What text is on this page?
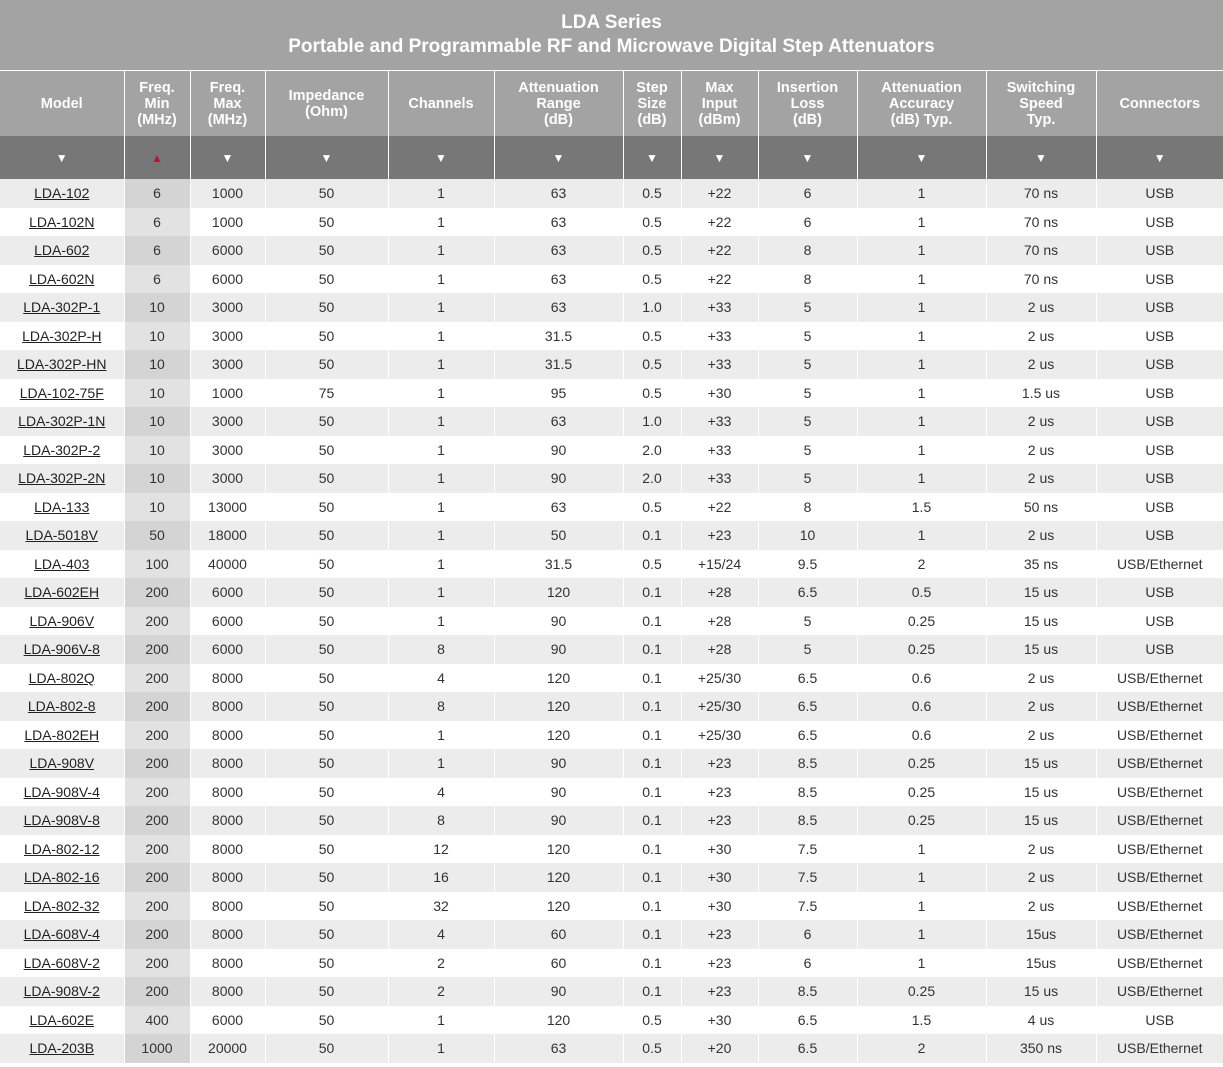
LDA Series
Portable and Programmable RF and Microwave Digital Step Attenuators
Model	Freq.
Min
(MHz)	Freq.
Max
(MHz)	Impedance
(Ohm)	Channels	Attenuation
Range
(dB)	Step
Size
(dB)	Max
Input
(dBm)	Insertion
Loss
(dB)	Attenuation
Accuracy
(dB) Typ.	Switching
Speed
Typ.	Connectors
▼	▲	▼	▼	▼	▼	▼	▼	▼	▼	▼	▼
LDA-102	6	1000	50	1	63	0.5	+22	6	1	70 ns	USB
LDA-102N	6	1000	50	1	63	0.5	+22	6	1	70 ns	USB
LDA-602	6	6000	50	1	63	0.5	+22	8	1	70 ns	USB
LDA-602N	6	6000	50	1	63	0.5	+22	8	1	70 ns	USB
LDA-302P-1	10	3000	50	1	63	1.0	+33	5	1	2 us	USB
LDA-302P-H	10	3000	50	1	31.5	0.5	+33	5	1	2 us	USB
LDA-302P-HN	10	3000	50	1	31.5	0.5	+33	5	1	2 us	USB
LDA-102-75F	10	1000	75	1	95	0.5	+30	5	1	1.5 us	USB
LDA-302P-1N	10	3000	50	1	63	1.0	+33	5	1	2 us	USB
LDA-302P-2	10	3000	50	1	90	2.0	+33	5	1	2 us	USB
LDA-302P-2N	10	3000	50	1	90	2.0	+33	5	1	2 us	USB
LDA-133	10	13000	50	1	63	0.5	+22	8	1.5	50 ns	USB
LDA-5018V	50	18000	50	1	50	0.1	+23	10	1	2 us	USB
LDA-403	100	40000	50	1	31.5	0.5	+15/24	9.5	2	35 ns	USB/Ethernet
LDA-602EH	200	6000	50	1	120	0.1	+28	6.5	0.5	15 us	USB
LDA-906V	200	6000	50	1	90	0.1	+28	5	0.25	15 us	USB
LDA-906V-8	200	6000	50	8	90	0.1	+28	5	0.25	15 us	USB
LDA-802Q	200	8000	50	4	120	0.1	+25/30	6.5	0.6	2 us	USB/Ethernet
LDA-802-8	200	8000	50	8	120	0.1	+25/30	6.5	0.6	2 us	USB/Ethernet
LDA-802EH	200	8000	50	1	120	0.1	+25/30	6.5	0.6	2 us	USB/Ethernet
LDA-908V	200	8000	50	1	90	0.1	+23	8.5	0.25	15 us	USB/Ethernet
LDA-908V-4	200	8000	50	4	90	0.1	+23	8.5	0.25	15 us	USB/Ethernet
LDA-908V-8	200	8000	50	8	90	0.1	+23	8.5	0.25	15 us	USB/Ethernet
LDA-802-12	200	8000	50	12	120	0.1	+30	7.5	1	2 us	USB/Ethernet
LDA-802-16	200	8000	50	16	120	0.1	+30	7.5	1	2 us	USB/Ethernet
LDA-802-32	200	8000	50	32	120	0.1	+30	7.5	1	2 us	USB/Ethernet
LDA-608V-4	200	8000	50	4	60	0.1	+23	6	1	15us	USB/Ethernet
LDA-608V-2	200	8000	50	2	60	0.1	+23	6	1	15us	USB/Ethernet
LDA-908V-2	200	8000	50	2	90	0.1	+23	8.5	0.25	15 us	USB/Ethernet
LDA-602E	400	6000	50	1	120	0.5	+30	6.5	1.5	4 us	USB
LDA-203B	1000	20000	50	1	63	0.5	+20	6.5	2	350 ns	USB/Ethernet
